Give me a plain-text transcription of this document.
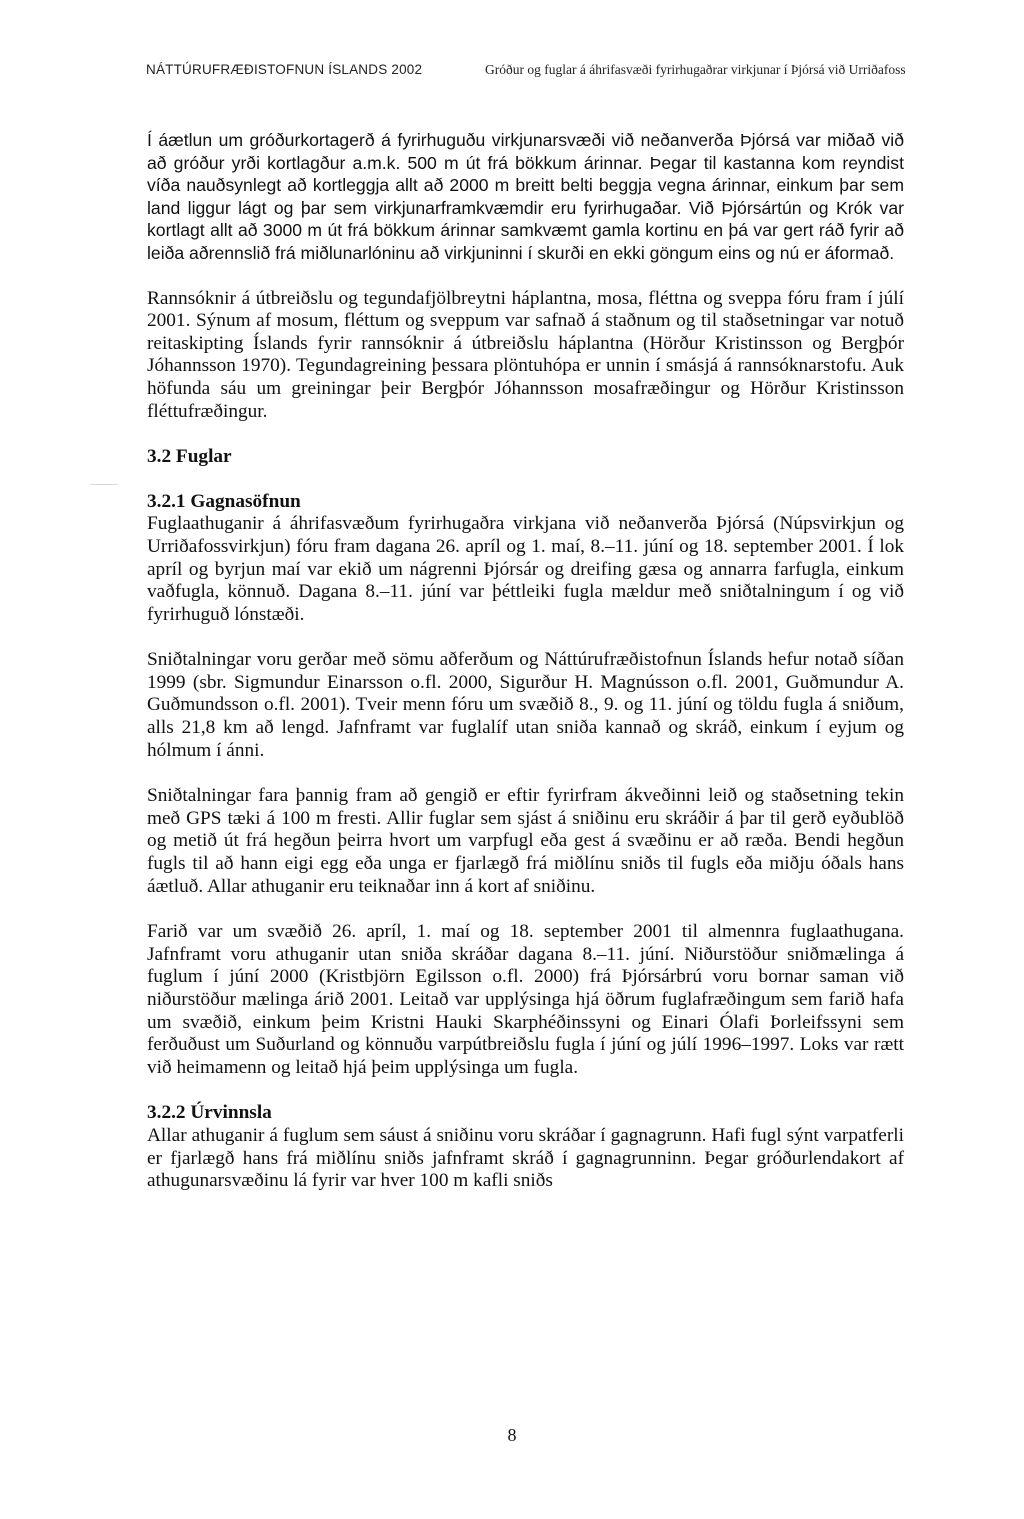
NÁTTÚRUFRÆÐISTOFNUN ÍSLANDS 2002	Gróður og fuglar á áhrifasvæði fyrirhugaðrar virkjunar í Þjórsá við Urriðafoss

Í áætlun um gróðurkortagerð á fyrirhuguðu virkjunarsvæði við neðanverða Þjórsá var miðað við að gróður yrði kortlagður a.m.k. 500 m út frá bökkum árinnar. Þegar til kastanna kom reyndist víða nauðsynlegt að kortleggja allt að 2000 m breitt belti beggja vegna árinnar, einkum þar sem land liggur lágt og þar sem virkjunarframkvæmdir eru fyrirhugaðar. Við Þjórsártún og Krók var kortlagt allt að 3000 m út frá bökkum árinnar samkvæmt gamla kortinu en þá var gert ráð fyrir að leiða aðrennslið frá miðlunarlóninu að virkjuninni í skurði en ekki göngum eins og nú er áformað.

Rannsóknir á útbreiðslu og tegundafjölbreytni háplantna, mosa, fléttna og sveppa fóru fram í júlí 2001. Sýnum af mosum, fléttum og sveppum var safnað á staðnum og til staðsetningar var notuð reitaskipting Íslands fyrir rannsóknir á útbreiðslu háplantna (Hörður Kristinsson og Bergþór Jóhannsson 1970). Tegundagreining þessara plöntuhópa er unnin í smásjá á rannsóknarstofu. Auk höfunda sáu um greiningar þeir Bergþór Jóhannsson mosafræðingur og Hörður Kristinsson fléttufræðingur.

3.2 Fuglar
3.2.1 Gagnasöfnun

Fuglaathuganir á áhrifasvæðum fyrirhugaðra virkjana við neðanverða Þjórsá (Núpsvirkjun og Urriðafossvirkjun) fóru fram dagana 26. apríl og 1. maí, 8.–11. júní og 18. september 2001. Í lok apríl og byrjun maí var ekið um nágrenni Þjórsár og dreifing gæsa og annarra farfugla, einkum vaðfugla, könnuð. Dagana 8.–11. júní var þéttleiki fugla mældur með sniðtalningum í og við fyrirhuguð lónstæði.

Sniðtalningar voru gerðar með sömu aðferðum og Náttúrufræðistofnun Íslands hefur notað síðan 1999 (sbr. Sigmundur Einarsson o.fl. 2000, Sigurður H. Magnússon o.fl. 2001, Guðmundur A. Guðmundsson o.fl. 2001). Tveir menn fóru um svæðið 8., 9. og 11. júní og töldu fugla á sniðum, alls 21,8 km að lengd. Jafnframt var fuglalíf utan sniða kannað og skráð, einkum í eyjum og hólmum í ánni.

Sniðtalningar fara þannig fram að gengið er eftir fyrirfram ákveðinni leið og staðsetning tekin með GPS tæki á 100 m fresti. Allir fuglar sem sjást á sniðinu eru skráðir á þar til gerð eyðublöð og metið út frá hegðun þeirra hvort um varpfugl eða gest á svæðinu er að ræða. Bendi hegðun fugls til að hann eigi egg eða unga er fjarlægð frá miðlínu sniðs til fugls eða miðju óðals hans áætluð. Allar athuganir eru teiknaðar inn á kort af sniðinu.

Farið var um svæðið 26. apríl, 1. maí og 18. september 2001 til almennra fuglaathugana. Jafnframt voru athuganir utan sniða skráðar dagana 8.–11. júní. Niðurstöður sniðmælinga á fuglum í júní 2000 (Kristbjörn Egilsson o.fl. 2000) frá Þjórsárbrú voru bornar saman við niðurstöður mælinga árið 2001. Leitað var upplýsinga hjá öðrum fuglafræðingum sem farið hafa um svæðið, einkum þeim Kristni Hauki Skarphéðinssyni og Einari Ólafi Þorleifssyni sem ferðuðust um Suðurland og könnuðu varpútbreiðslu fugla í júní og júlí 1996–1997. Loks var rætt við heimamenn og leitað hjá þeim upplýsinga um fugla.

3.2.2 Úrvinnsla

Allar athuganir á fuglum sem sáust á sniðinu voru skráðar í gagnagrunn. Hafi fugl sýnt varpatferli er fjarlægð hans frá miðlínu sniðs jafnframt skráð í gagnagrunninn. Þegar gróðurlendakort af athugunarsvæðinu lá fyrir var hver 100 m kafli sniðs

8
